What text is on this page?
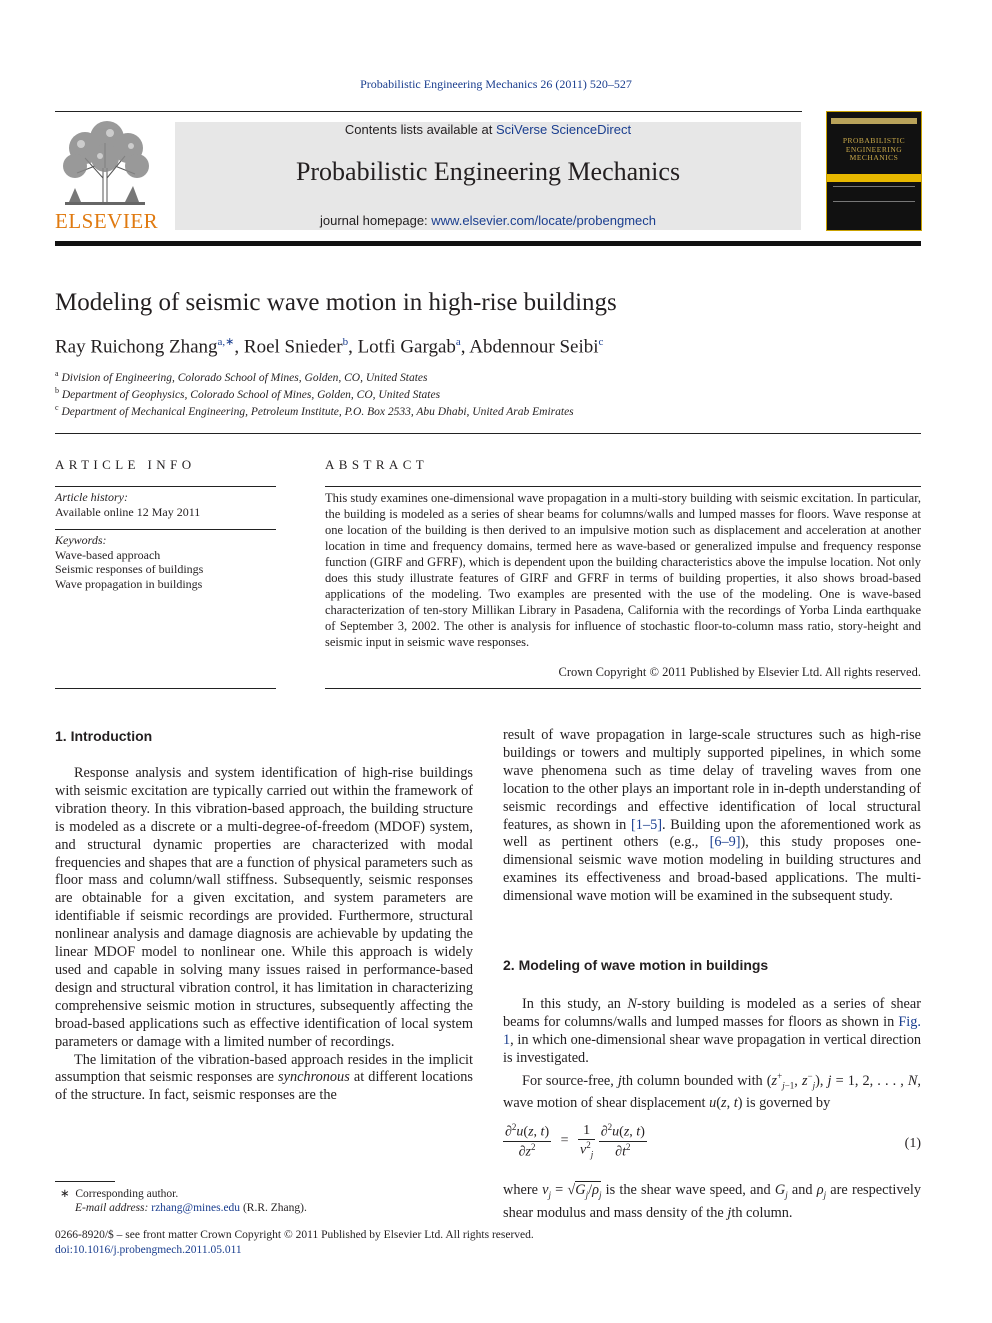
Probabilistic Engineering Mechanics 26 (2011) 520–527
ELSEVIER
Contents lists available at SciVerse ScienceDirect
Probabilistic Engineering Mechanics
journal homepage: www.elsevier.com/locate/probengmech
PROBABILISTIC ENGINEERING MECHANICS
Modeling of seismic wave motion in high-rise buildings
Ray Ruichong Zhang$^{a,∗}$, Roel Snieder$^b$, Lotfi Gargab$^a$, Abdennour Seibi$^c$
$^a$ Division of Engineering, Colorado School of Mines, Golden, CO, United States
$^b$ Department of Geophysics, Colorado School of Mines, Golden, CO, United States
$^c$ Department of Mechanical Engineering, Petroleum Institute, P.O. Box 2533, Abu Dhabi, United Arab Emirates
ARTICLE INFO
Article history:
Available online 12 May 2011
Keywords:
Wave-based approach
Seismic responses of buildings
Wave propagation in buildings
ABSTRACT
This study examines one-dimensional wave propagation in a multi-story building with seismic excitation. In particular, the building is modeled as a series of shear beams for columns/walls and lumped masses for floors. Wave response at one location of the building is then derived to an impulsive motion such as displacement and acceleration at another location in time and frequency domains, termed here as wave-based or generalized impulse and frequency response function (GIRF and GFRF), which is dependent upon the building characteristics above the impulse location. Not only does this study illustrate features of GIRF and GFRF in terms of building properties, it also shows broad-based applications of the modeling. Two examples are presented with the use of the modeling. One is wave-based characterization of ten-story Millikan Library in Pasadena, California with the recordings of Yorba Linda earthquake of September 3, 2002. The other is analysis for influence of stochastic floor-to-column mass ratio, story-height and seismic input in seismic wave responses.
Crown Copyright © 2011 Published by Elsevier Ltd. All rights reserved.
1. Introduction

Response analysis and system identification of high-rise buildings with seismic excitation are typically carried out within the framework of vibration theory. In this vibration-based approach, the building structure is modeled as a discrete or a multi-degree-of-freedom (MDOF) system, and structural dynamic properties are characterized with modal frequencies and shapes that are a function of physical parameters such as floor mass and column/wall stiffness. Subsequently, seismic responses are obtainable for a given excitation, and system parameters are identifiable if seismic recordings are provided. Furthermore, structural nonlinear analysis and damage diagnosis are achievable by updating the linear MDOF model to nonlinear one. While this approach is widely used and capable in solving many issues raised in performance-based design and structural vibration control, it has limitation in characterizing comprehensive seismic motion in structures, subsequently affecting the broad-based applications such as effective identification of local system parameters or damage with a limited number of recordings.

The limitation of the vibration-based approach resides in the implicit assumption that seismic responses are synchronous at different locations of the structure. In fact, seismic responses are the

result of wave propagation in large-scale structures such as high-rise buildings or towers and multiply supported pipelines, in which some wave phenomena such as time delay of traveling waves from one location to the other plays an important role in in-depth understanding of seismic recordings and effective identification of local structural features, as shown in [1–5]. Building upon the aforementioned work as well as pertinent others (e.g., [6–9]), this study proposes one-dimensional seismic wave motion modeling in building structures and examines its effectiveness and broad-based applications. The multi-dimensional wave motion will be examined in the subsequent study.

2. Modeling of wave motion in buildings

In this study, an N-story building is modeled as a series of shear beams for columns/walls and lumped masses for floors as shown in Fig. 1, in which one-dimensional shear wave propagation in vertical direction is investigated.

For source-free, jth column bounded with ($z^+_{j-1}$, $z^-_j$), j = 1, 2, . . . , N, wave motion of shear displacement u(z, t) is governed by

$\frac{\partial^2u(z, t)}{\partial z^2} = \frac{1}{v^2_j}$
$\frac{\partial^2u(z, t)}{\partial t^2}$	(1)

where $v_j = √G_j/\rho_j$ is the shear wave speed, and $G_j$ and $\rho_j$ are respectively shear modulus and mass density of the jth column.

∗ Corresponding author.
E-mail address: rzhang@mines.edu (R.R. Zhang).
0266-8920/$ – see front matter Crown Copyright © 2011 Published by Elsevier Ltd. All rights reserved.
doi:10.1016/j.probengmech.2011.05.011
